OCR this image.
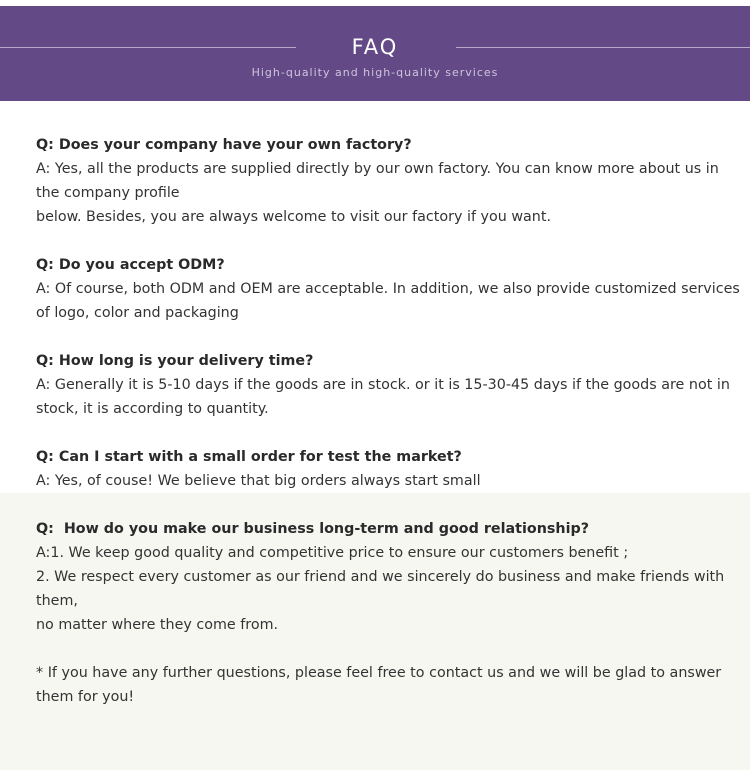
FAQ
High-quality and high-quality services

Q: Does your company have your own factory?

A: Yes, all the products are supplied directly by our own factory. You can know more about us in the company profile

below. Besides, you are always welcome to visit our factory if you want.

Q: Do you accept ODM?

A: Of course, both ODM and OEM are acceptable. In addition, we also provide customized services of logo, color and packaging

Q: How long is your delivery time?

A: Generally it is 5-10 days if the goods are in stock. or it is 15-30-45 days if the goods are not in stock, it is according to quantity.

Q: Can I start with a small order for test the market?

A: Yes, of couse! We believe that big orders always start small

Q:  How do you make our business long-term and good relationship?

A:1. We keep good quality and competitive price to ensure our customers benefit ;

2. We respect every customer as our friend and we sincerely do business and make friends with them,

no matter where they come from.

* If you have any further questions, please feel free to contact us and we will be glad to answer them for you!
